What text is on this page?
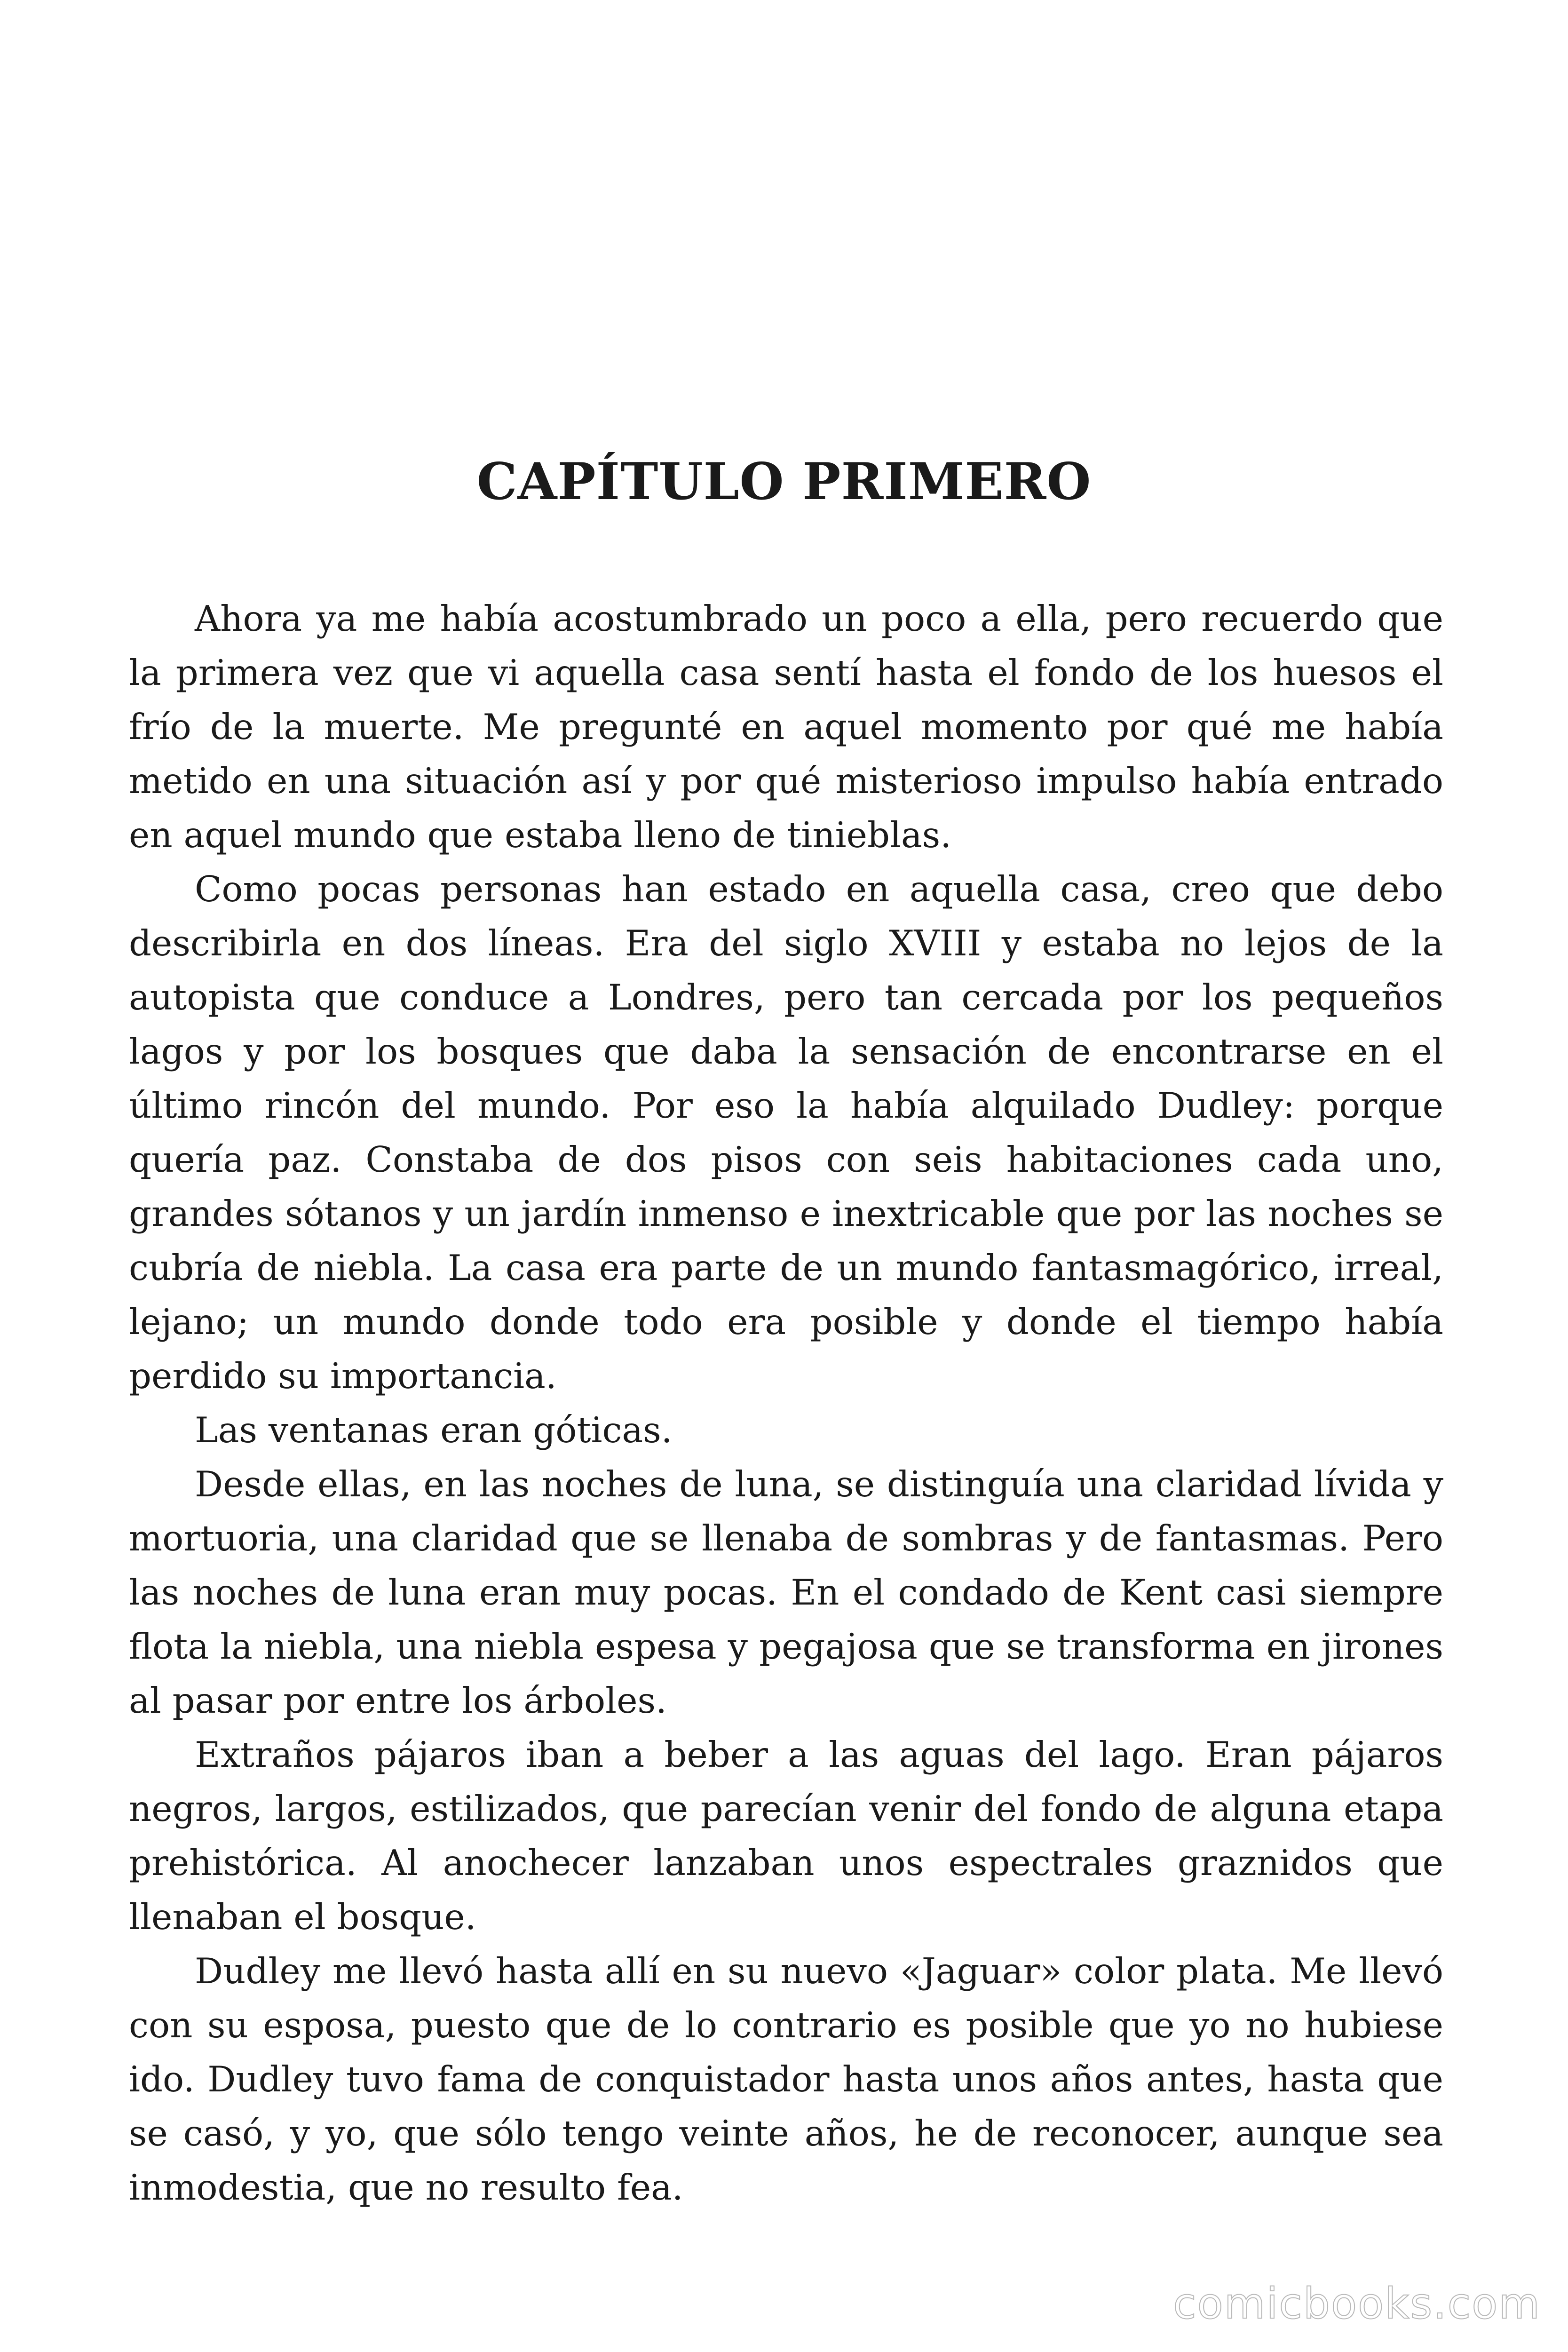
CAPÍTULO PRIMERO

Ahora ya me había acostumbrado un poco a ella, pero recuerdo que la primera vez que vi aquella casa sentí hasta el fondo de los huesos el frío de la muerte. Me pregunté en aquel momento por qué me había metido en una situación así y por qué misterioso impulso había entrado en aquel mundo que estaba lleno de tinieblas.

Como pocas personas han estado en aquella casa, creo que debo describirla en dos líneas. Era del siglo XVIII y estaba no lejos de la autopista que conduce a Londres, pero tan cercada por los pequeños lagos y por los bosques que daba la sensación de encontrarse en el último rincón del mundo. Por eso la había alquilado Dudley: porque quería paz. Constaba de dos pisos con seis habitaciones cada uno, grandes sótanos y un jardín inmenso e inextricable que por las noches se cubría de niebla. La casa era parte de un mundo fantasmagórico, irreal, lejano; un mundo donde todo era posible y donde el tiempo había perdido su importancia.

Las ventanas eran góticas.

Desde ellas, en las noches de luna, se distinguía una claridad lívida y mortuoria, una claridad que se llenaba de sombras y de fantasmas. Pero las noches de luna eran muy pocas. En el condado de Kent casi siempre flota la niebla, una niebla espesa y pegajosa que se transforma en jirones al pasar por entre los árboles.

Extraños pájaros iban a beber a las aguas del lago. Eran pájaros negros, largos, estilizados, que parecían venir del fondo de alguna etapa prehistórica. Al anochecer lanzaban unos espectrales graznidos que llenaban el bosque.

Dudley me llevó hasta allí en su nuevo «Jaguar» color plata. Me llevó con su esposa, puesto que de lo contrario es posible que yo no hubiese ido. Dudley tuvo fama de conquistador hasta unos años antes, hasta que se casó, y yo, que sólo tengo veinte años, he de reconocer, aunque sea inmodestia, que no resulto fea.

comicbooks.com
